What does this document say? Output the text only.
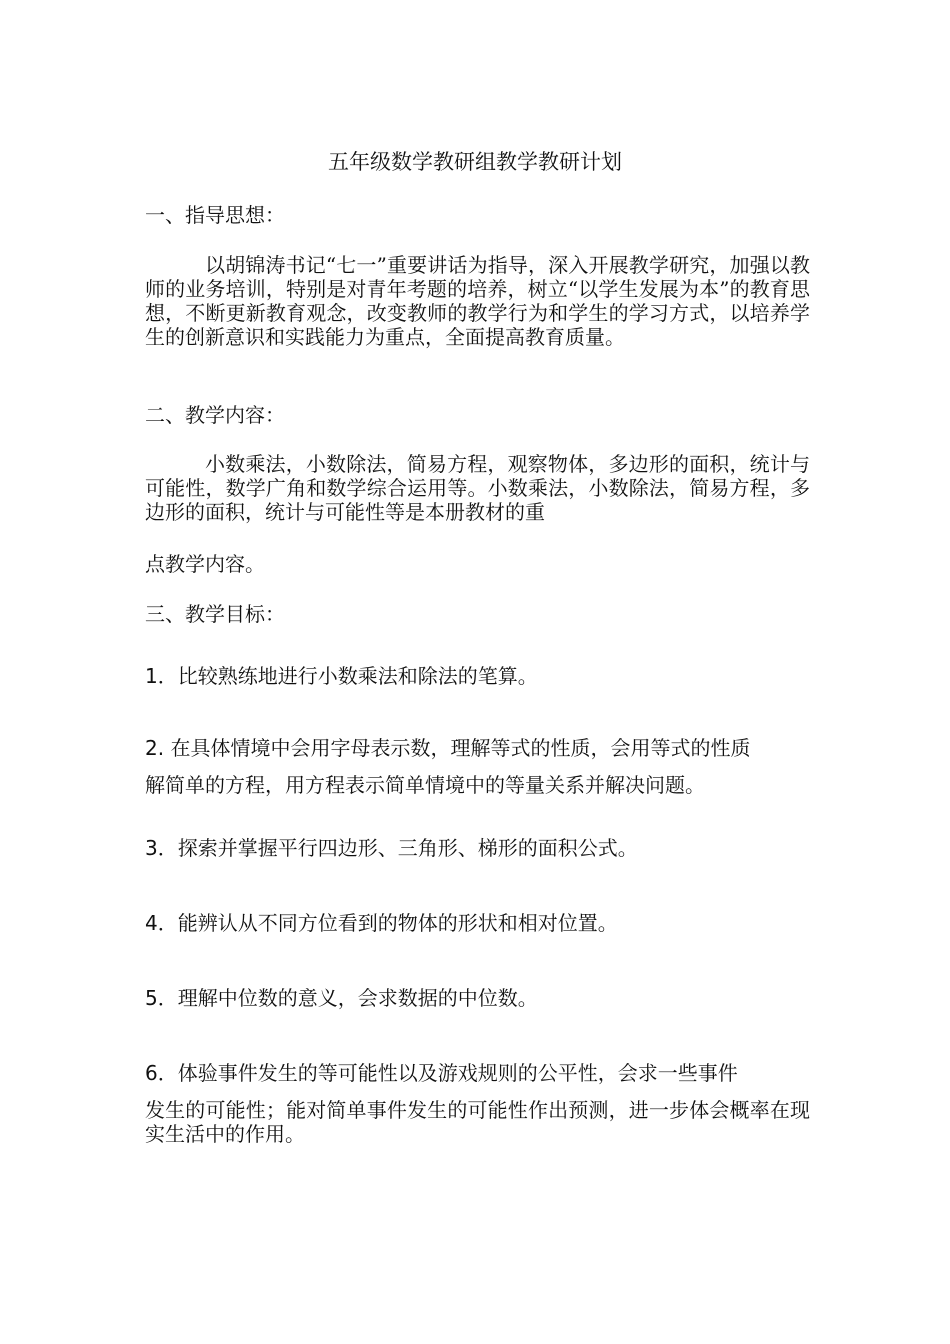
五年级数学教研组教学教研计划

一、指导思想：

以胡锦涛书记“七一”重要讲话为指导，深入开展教学研究，加强以教师的业务培训，特别是对青年考题的培养，树立“以学生发展为本”的教育思想，不断更新教育观念，改变教师的教学行为和学生的学习方式，以培养学生的创新意识和实践能力为重点，全面提高教育质量。

二、教学内容：

小数乘法，小数除法，简易方程，观察物体，多边形的面积，统计与可能性，数学广角和数学综合运用等。小数乘法，小数除法，简易方程，多边形的面积，统计与可能性等是本册教材的重

点教学内容。

三、教学目标：

1．比较熟练地进行小数乘法和除法的笔算。

2. 在具体情境中会用字母表示数，理解等式的性质，会用等式的性质

解简单的方程，用方程表示简单情境中的等量关系并解决问题。

3．探索并掌握平行四边形、三角形、梯形的面积公式。

4．能辨认从不同方位看到的物体的形状和相对位置。

5．理解中位数的意义，会求数据的中位数。

6．体验事件发生的等可能性以及游戏规则的公平性，会求一些事件

发生的可能性；能对简单事件发生的可能性作出预测，进一步体会概率在现实生活中的作用。
